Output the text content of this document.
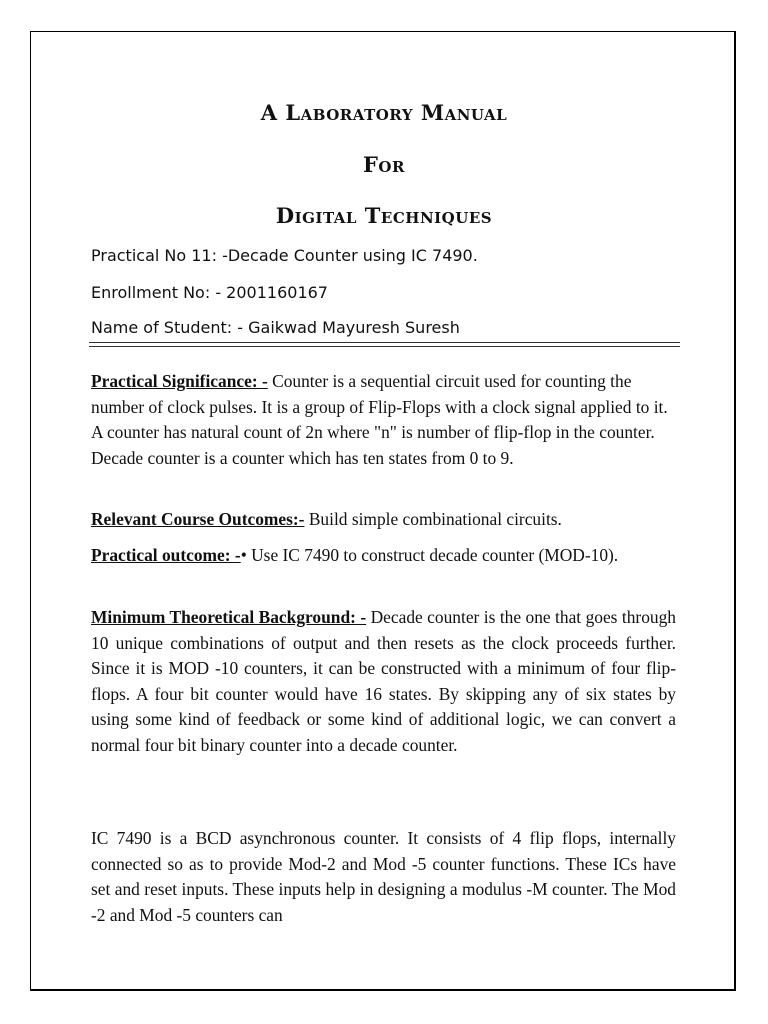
A Laboratory Manual
For
Digital Techniques
Practical No 11: -Decade Counter using IC 7490.
Enrollment No: - 2001160167
Name of Student: - Gaikwad Mayuresh Suresh
Practical Significance: - Counter is a sequential circuit used for counting the number of clock pulses. It is a group of Flip-Flops with a clock signal applied to it. A counter has natural count of 2n where "n" is number of flip-flop in the counter. Decade counter is a counter which has ten states from 0 to 9.
Relevant Course Outcomes:- Build simple combinational circuits.
Practical outcome: -• Use IC 7490 to construct decade counter (MOD-10).
Minimum Theoretical Background: - Decade counter is the one that goes through 10 unique combinations of output and then resets as the clock proceeds further. Since it is MOD -10 counters, it can be constructed with a minimum of four flip-flops. A four bit counter would have 16 states. By skipping any of six states by using some kind of feedback or some kind of additional logic, we can convert a normal four bit binary counter into a decade counter.
IC 7490 is a BCD asynchronous counter. It consists of 4 flip flops, internally connected so as to provide Mod-2 and Mod -5 counter functions. These ICs have set and reset inputs. These inputs help in designing a modulus -M counter. The Mod -2 and Mod -5 counters can
